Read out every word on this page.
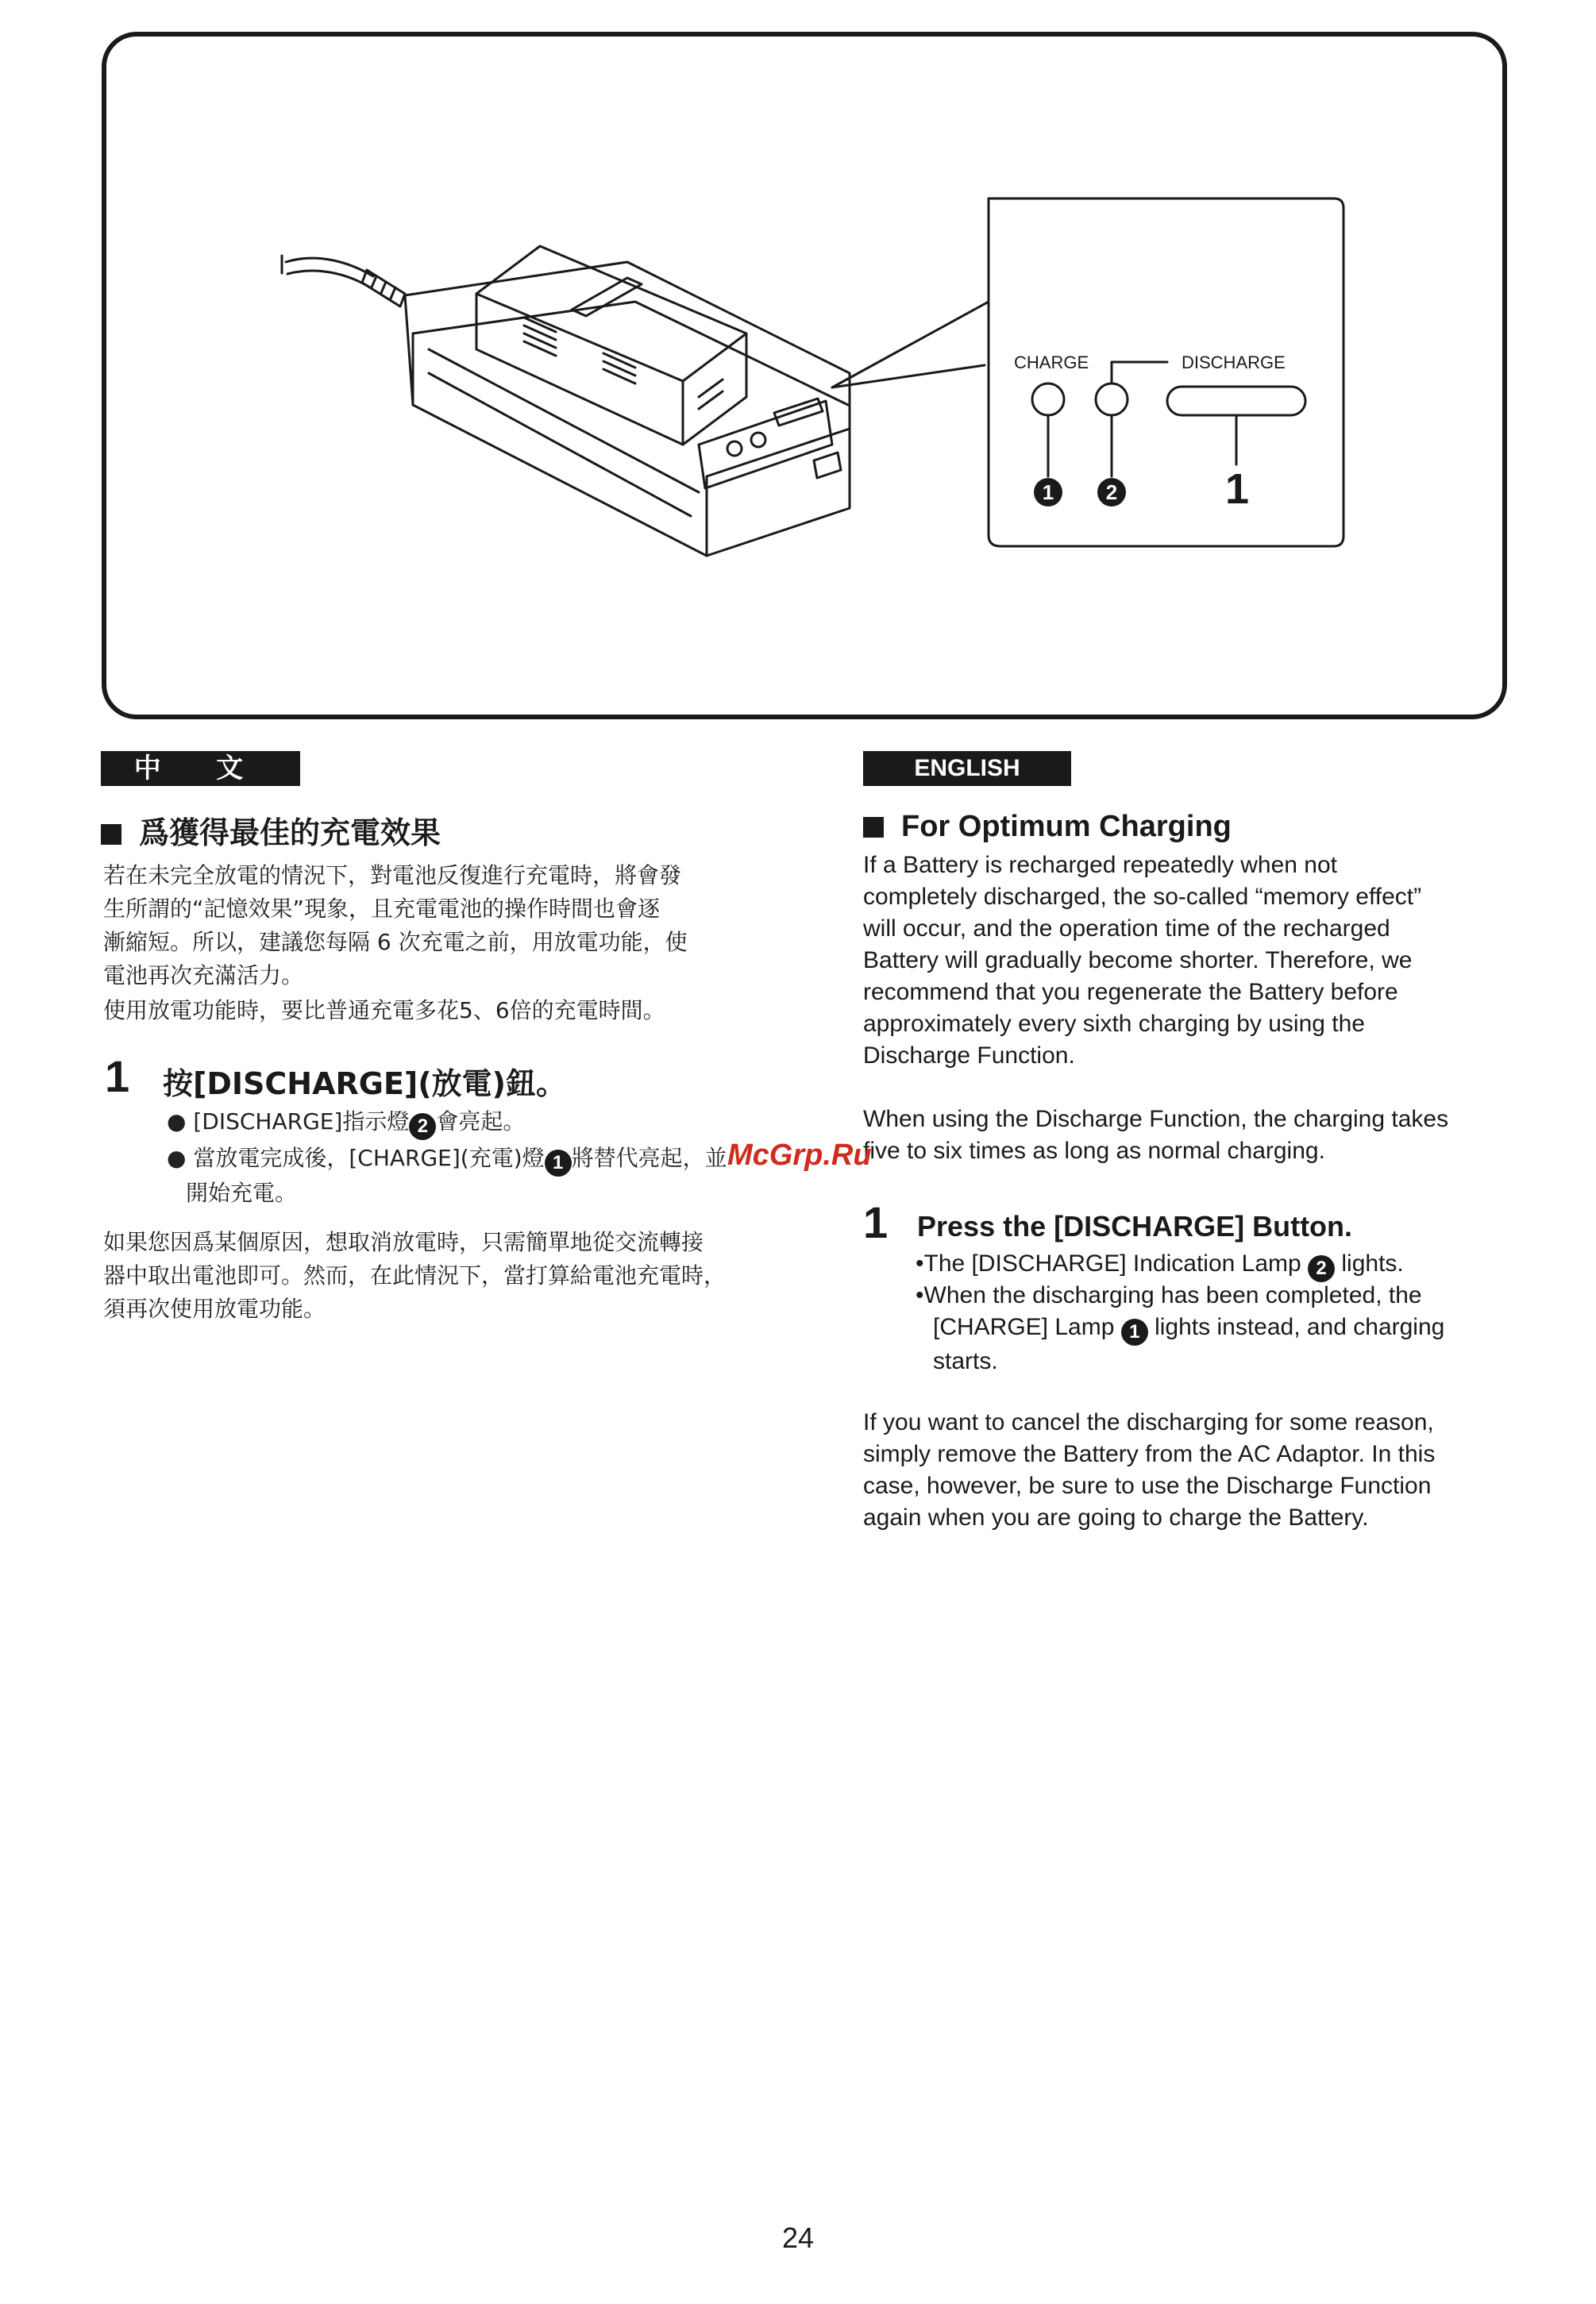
CHARGE	DISCHARGE
1	2	1
中 文
爲獲得最佳的充電效果

若在未完全放電的情況下，對電池反復進行充電時，將會發
生所謂的“記憶效果”現象，且充電電池的操作時間也會逐
漸縮短。所以，建議您每隔 6 次充電之前，用放電功能，使
電池再次充滿活力。

使用放電功能時，要比普通充電多花5、6倍的充電時間。

1 按[DISCHARGE](放電)鈕。

● [DISCHARGE]指示燈 2 會亮起。

● 當放電完成後，[CHARGE](充電)燈 1 將替代亮起，並

開始充電。

如果您因爲某個原因，想取消放電時，只需簡單地從交流轉接
器中取出電池即可。然而，在此情況下，當打算給電池充電時，
須再次使用放電功能。

ENGLISH
For Optimum Charging

If a Battery is recharged repeatedly when not
completely discharged, the so-called “memory effect”
will occur, and the operation time of the recharged
Battery will gradually become shorter. Therefore, we
recommend that you regenerate the Battery before
approximately every sixth charging by using the
Discharge Function.

When using the Discharge Function, the charging takes
five to six times as long as normal charging.

1 Press the [DISCHARGE] Button.

•The [DISCHARGE] Indication Lamp 2 lights.

•When the discharging has been completed, the
[CHARGE] Lamp 1 lights instead, and charging
starts.

If you want to cancel the discharging for some reason,
simply remove the Battery from the AC Adaptor. In this
case, however, be sure to use the Discharge Function
again when you are going to charge the Battery.

McGrp.Ru
24
